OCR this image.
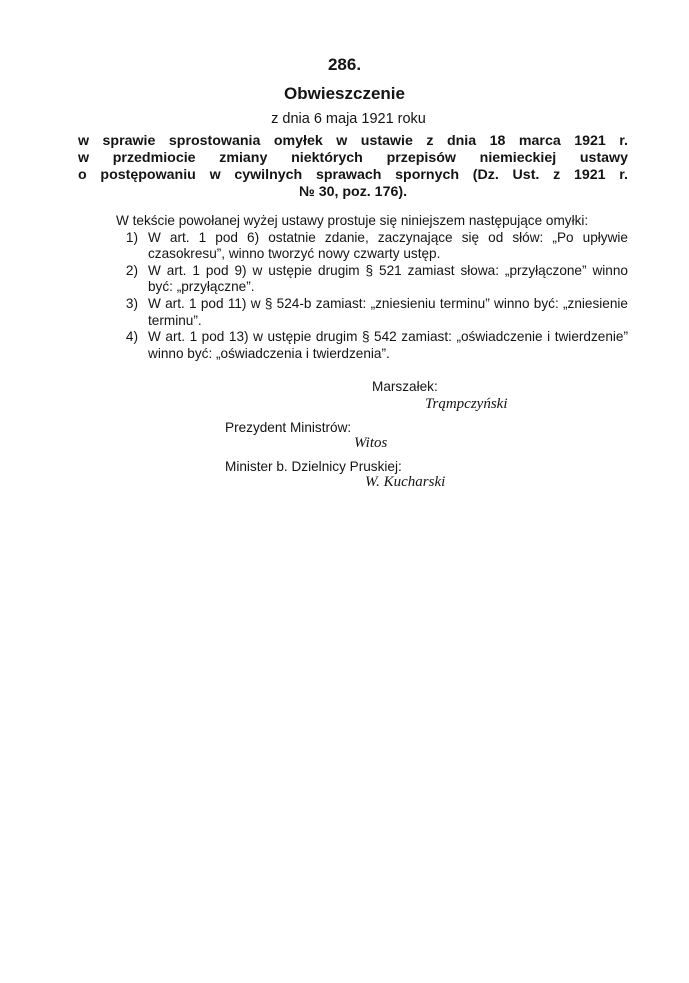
286.
Obwieszczenie
z dnia 6 maja 1921 roku
w sprawie sprostowania omyłek w ustawie z dnia 18 marca 1921 r.
w przedmiocie zmiany niektórych przepisów niemieckiej ustawy
o postępowaniu w cywilnych sprawach spornych (Dz. Ust. z 1921 r.
№ 30, poz. 176).
W tekście powołanej wyżej ustawy prostuje się niniejszem następujące omyłki:
1) W art. 1 pod 6) ostatnie zdanie, zaczynające się od słów: „Po upływie czasokresu”, winno tworzyć nowy czwarty ustęp.
2) W art. 1 pod 9) w ustępie drugim § 521 zamiast słowa: „przyłączone” winno być: „przyłączne”.
3) W art. 1 pod 11) w § 524-b zamiast: „zniesieniu terminu” winno być: „zniesienie terminu”.
4) W art. 1 pod 13) w ustępie drugim § 542 zamiast: „oświadczenie i twierdzenie” winno być: „oświadczenia i twierdzenia”.
Marszałek:
Trąmpczyński
Prezydent Ministrów:
Witos
Minister b. Dzielnicy Pruskiej:
W. Kucharski
